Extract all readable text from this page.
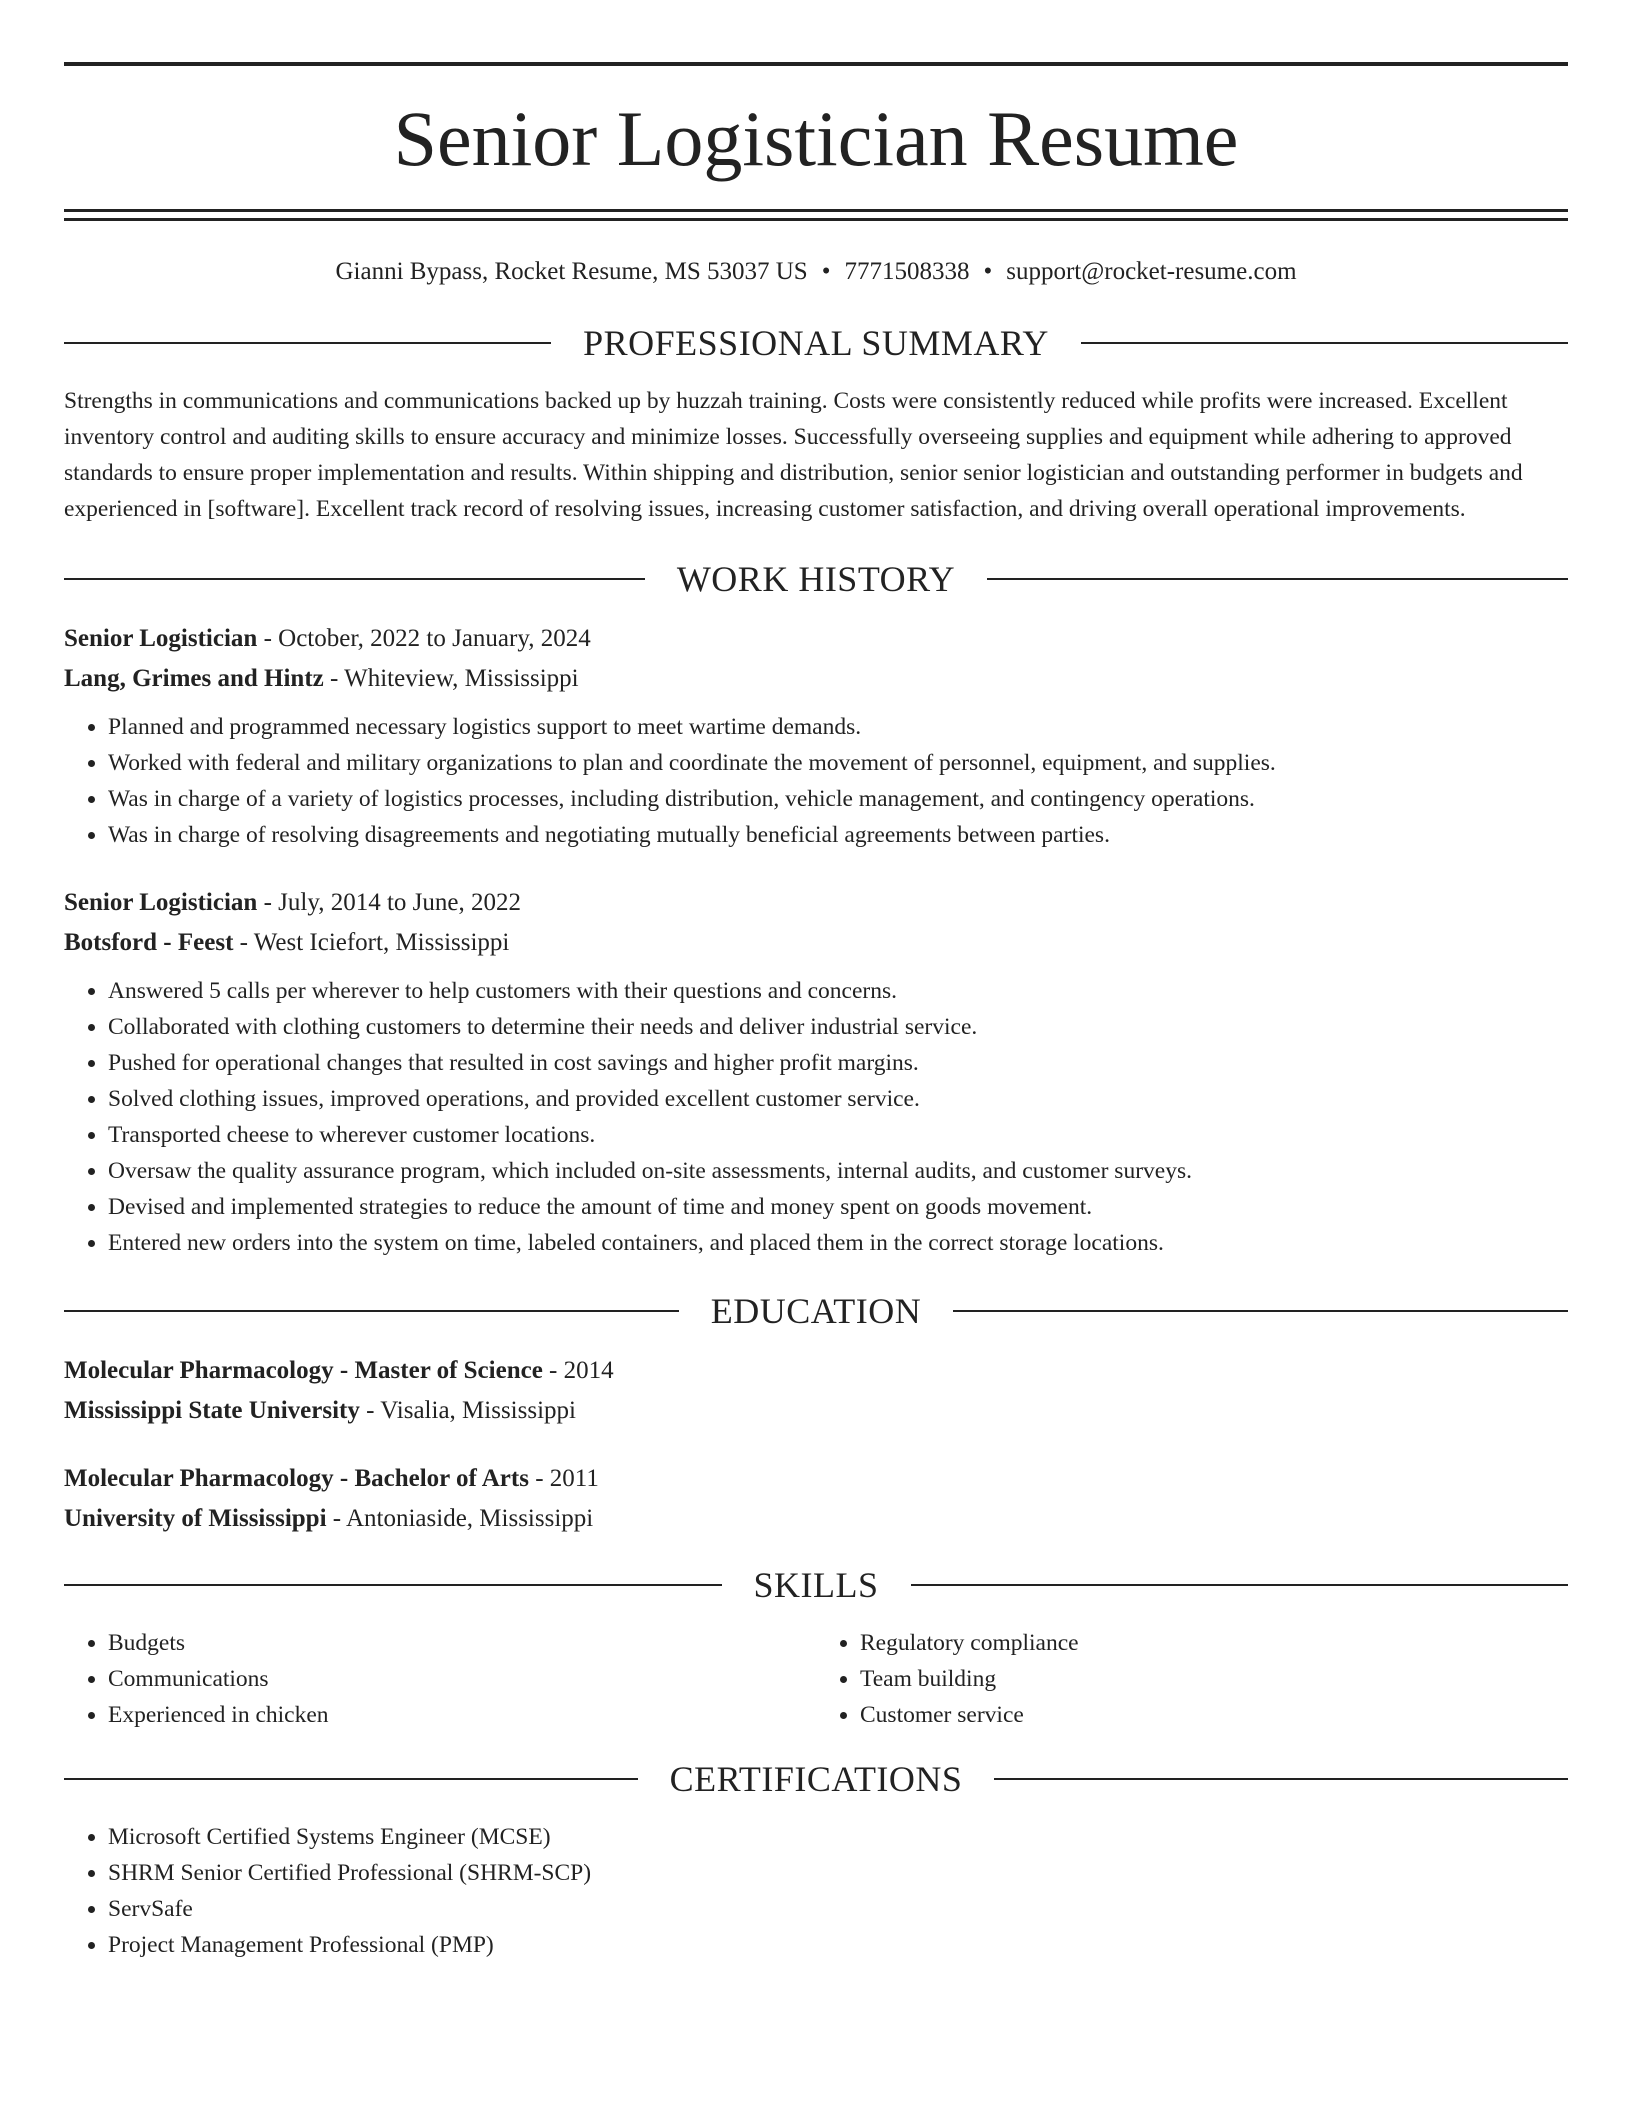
Senior Logistician Resume
Gianni Bypass, Rocket Resume, MS 53037 US • 7771508338 • support@rocket-resume.com
PROFESSIONAL SUMMARY

Strengths in communications and communications backed up by huzzah training. Costs were consistently reduced while profits were increased. Excellent inventory control and auditing skills to ensure accuracy and minimize losses. Successfully overseeing supplies and equipment while adhering to approved standards to ensure proper implementation and results. Within shipping and distribution, senior senior logistician and outstanding performer in budgets and experienced in [software]. Excellent track record of resolving issues, increasing customer satisfaction, and driving overall operational improvements.

WORK HISTORY
Senior Logistician - October, 2022 to January, 2024
Lang, Grimes and Hintz - Whiteview, Mississippi
• Planned and programmed necessary logistics support to meet wartime demands.
• Worked with federal and military organizations to plan and coordinate the movement of personnel, equipment, and supplies.
• Was in charge of a variety of logistics processes, including distribution, vehicle management, and contingency operations.
• Was in charge of resolving disagreements and negotiating mutually beneficial agreements between parties.
Senior Logistician - July, 2014 to June, 2022
Botsford - Feest - West Iciefort, Mississippi
• Answered 5 calls per wherever to help customers with their questions and concerns.
• Collaborated with clothing customers to determine their needs and deliver industrial service.
• Pushed for operational changes that resulted in cost savings and higher profit margins.
• Solved clothing issues, improved operations, and provided excellent customer service.
• Transported cheese to wherever customer locations.
• Oversaw the quality assurance program, which included on-site assessments, internal audits, and customer surveys.
• Devised and implemented strategies to reduce the amount of time and money spent on goods movement.
• Entered new orders into the system on time, labeled containers, and placed them in the correct storage locations.
EDUCATION
Molecular Pharmacology - Master of Science - 2014
Mississippi State University - Visalia, Mississippi
Molecular Pharmacology - Bachelor of Arts - 2011
University of Mississippi - Antoniaside, Mississippi
SKILLS
• Budgets
• Communications
• Experienced in chicken
• Regulatory compliance
• Team building
• Customer service
CERTIFICATIONS
• Microsoft Certified Systems Engineer (MCSE)
• SHRM Senior Certified Professional (SHRM-SCP)
• ServSafe
• Project Management Professional (PMP)
